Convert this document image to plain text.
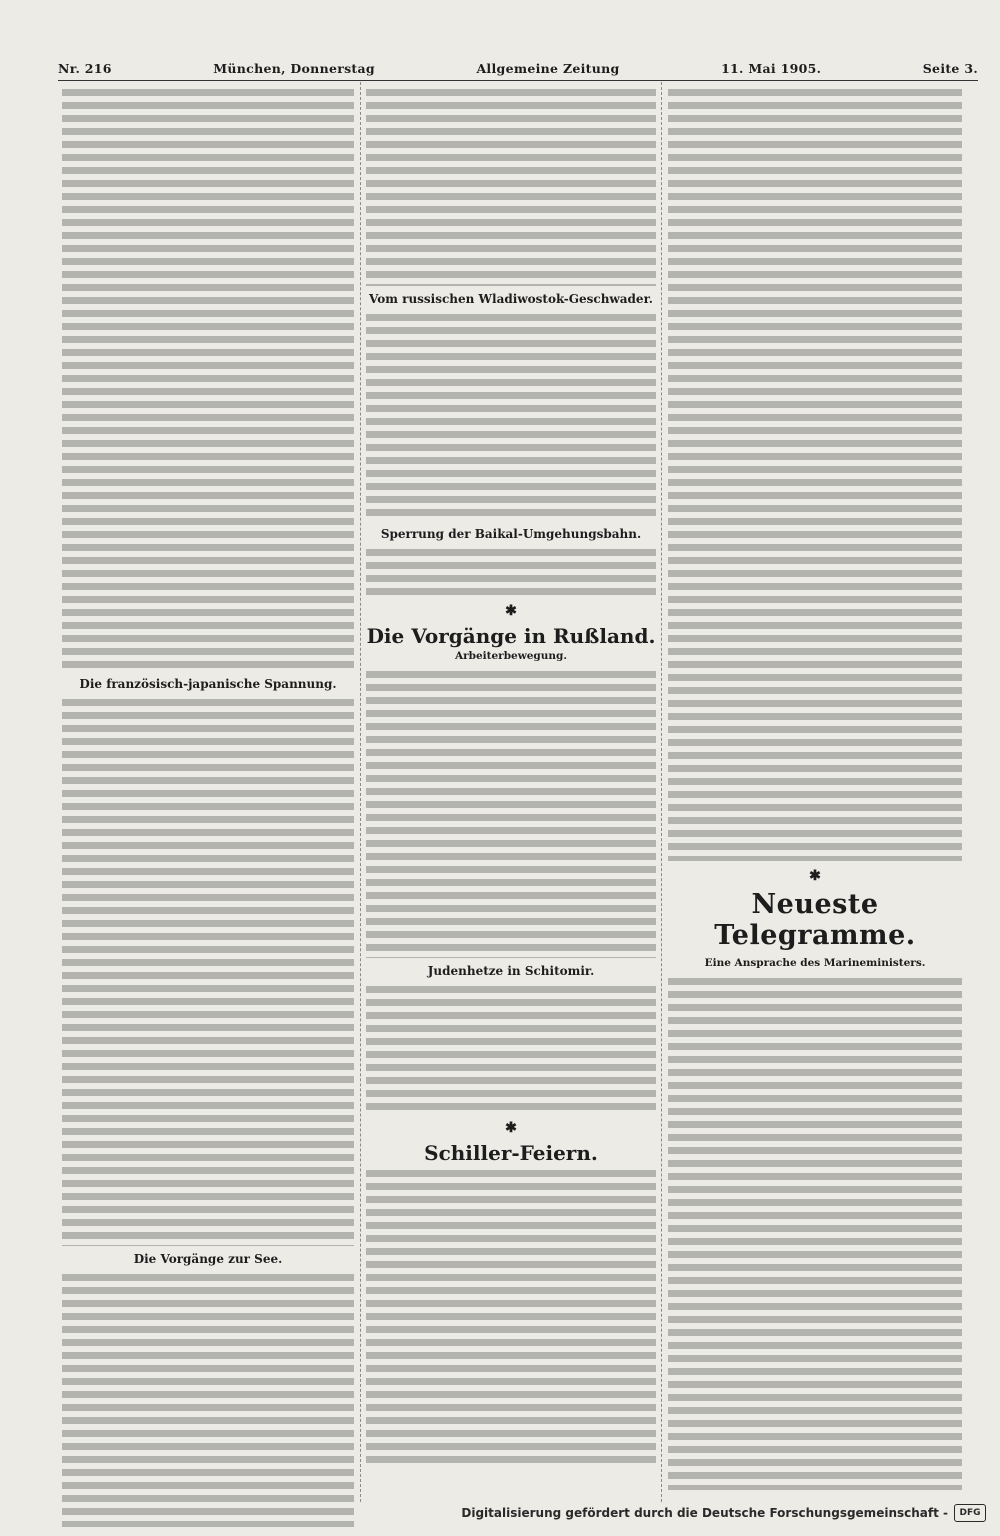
Nr. 216	München, Donnerstag	Allgemeine Zeitung	11. Mai 1905.	Seite 3.
Die französisch-japanische Spannung.
Die Vorgänge zur See.
Vom russischen Wladiwostok-Geschwader.
Sperrung der Baikal-Umgehungsbahn.
✱
Die Vorgänge in Rußland.
Arbeiterbewegung.
Judenhetze in Schitomir.
✱
Schiller-Feiern.
✱
Neueste Telegramme.
Eine Ansprache des Marineministers.
Digitalisierung gefördert durch die Deutsche Forschungsgemeinschaft -	DFG
